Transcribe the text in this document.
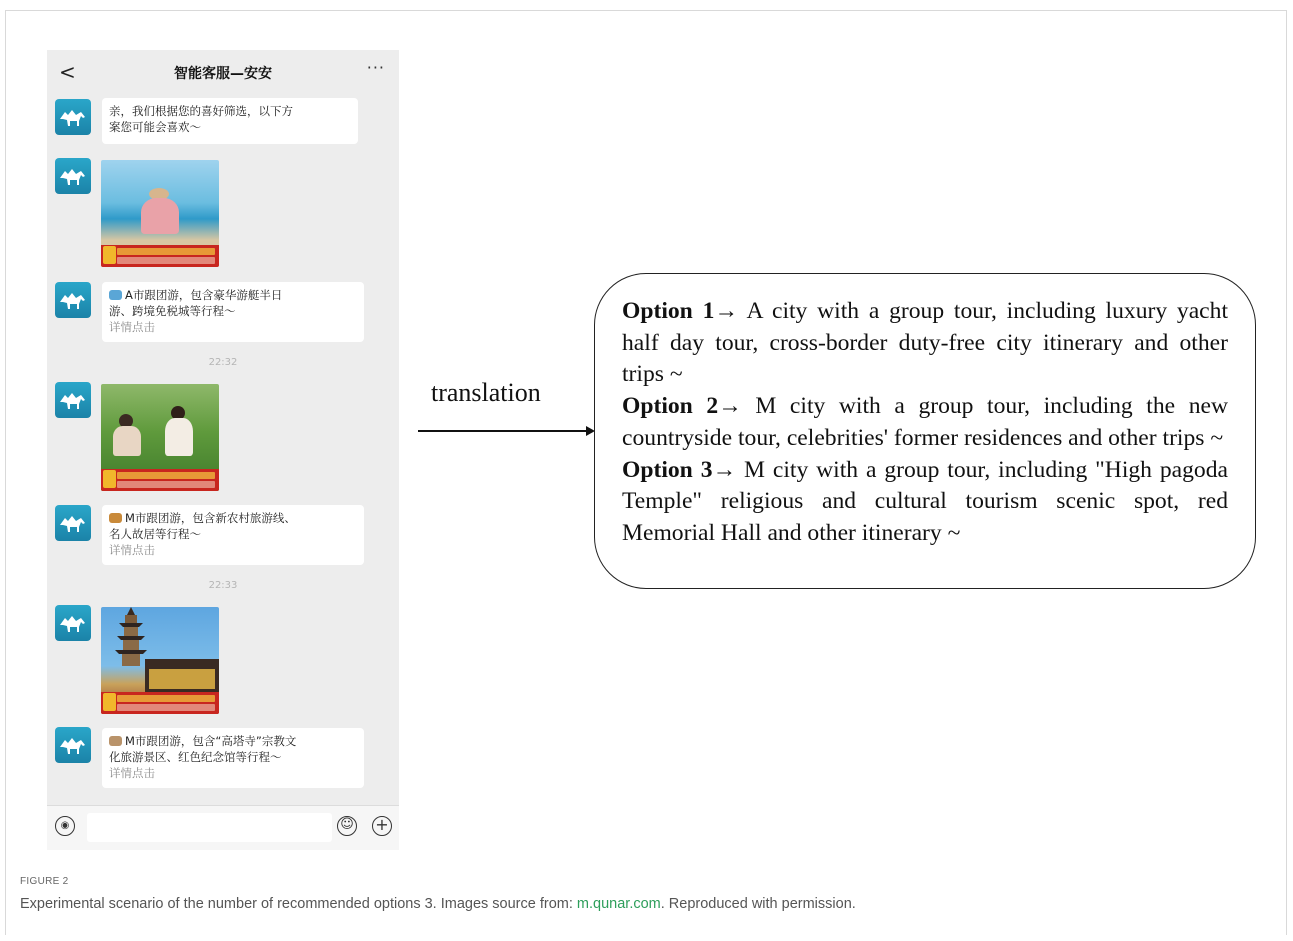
<	智能客服—安安	···
亲，我们根据您的喜好筛选，以下方
案您可能会喜欢～
A市跟团游，包含豪华游艇半日
游、跨境免税城等行程～
详情点击
22:32
M市跟团游，包含新农村旅游线、
名人故居等行程～
详情点击
22:33
M市跟团游，包含“高塔寺”宗教文
化旅游景区、红色纪念馆等行程～
详情点击
◉	☺ +
translation

Option 1→ A city with a group tour, including luxury yacht half day tour, cross-border duty-free city itinerary and other trips ~

Option 2→ M city with a group tour, including the new countryside tour, celebrities' former residences and other trips ~

Option 3→ M city with a group tour, including "High pagoda Temple" religious and cultural tourism scenic spot, red Memorial Hall and other itinerary ~

FIGURE 2
Experimental scenario of the number of recommended options 3. Images source from: m.qunar.com. Reproduced with permission.
